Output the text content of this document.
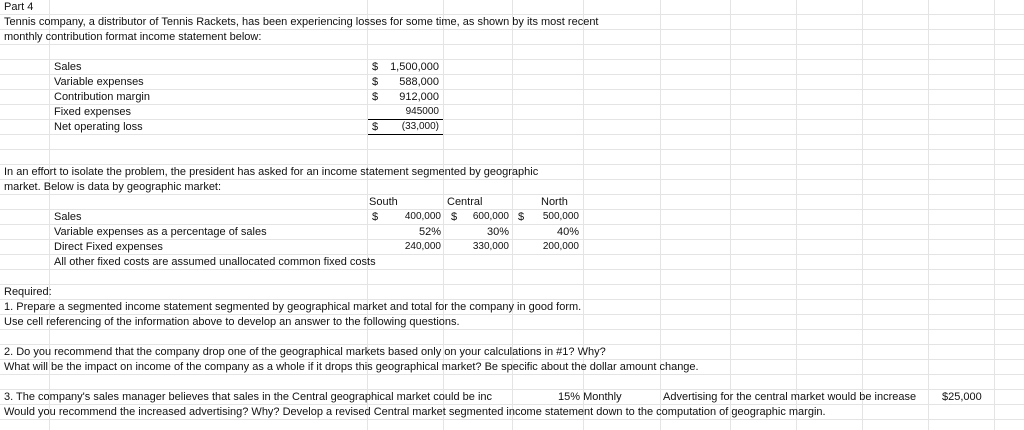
Part 4
Tennis company, a distributor of Tennis Rackets, has been experiencing losses for some time, as shown by its most recent
monthly contribution format income statement below:
Sales	$	1,500,000
Variable expenses	$	588,000
Contribution margin	$	912,000
Fixed expenses	945000
Net operating loss	$	(33,000)
In an effort to isolate the problem, the president has asked for an income statement segmented by geographic
market. Below is data by geographic market:
South	Central	North
Sales	$	400,000 $	600,000 $	500,000
Variable expenses as a percentage of sales	52%	30%	40%
Direct Fixed expenses	240,000	330,000	200,000
All other fixed costs are assumed unallocated common fixed costs
Required:
1. Prepare a segmented income statement segmented by geographical market and total for the company in good form.
Use cell referencing of the information above to develop an answer to the following questions.
2. Do you recommend that the company drop one of the geographical markets based only on your calculations in #1? Why?
What will be the impact on income of the company as a whole if it drops this geographical market? Be specific about the dollar amount change.
3. The company's sales manager believes that sales in the Central geographical market could be inc	15% Monthly	Advertising for the central market would be increase	$25,000
Would you recommend the increased advertising? Why? Develop a revised Central market segmented income statement down to the computation of geographic margin.
